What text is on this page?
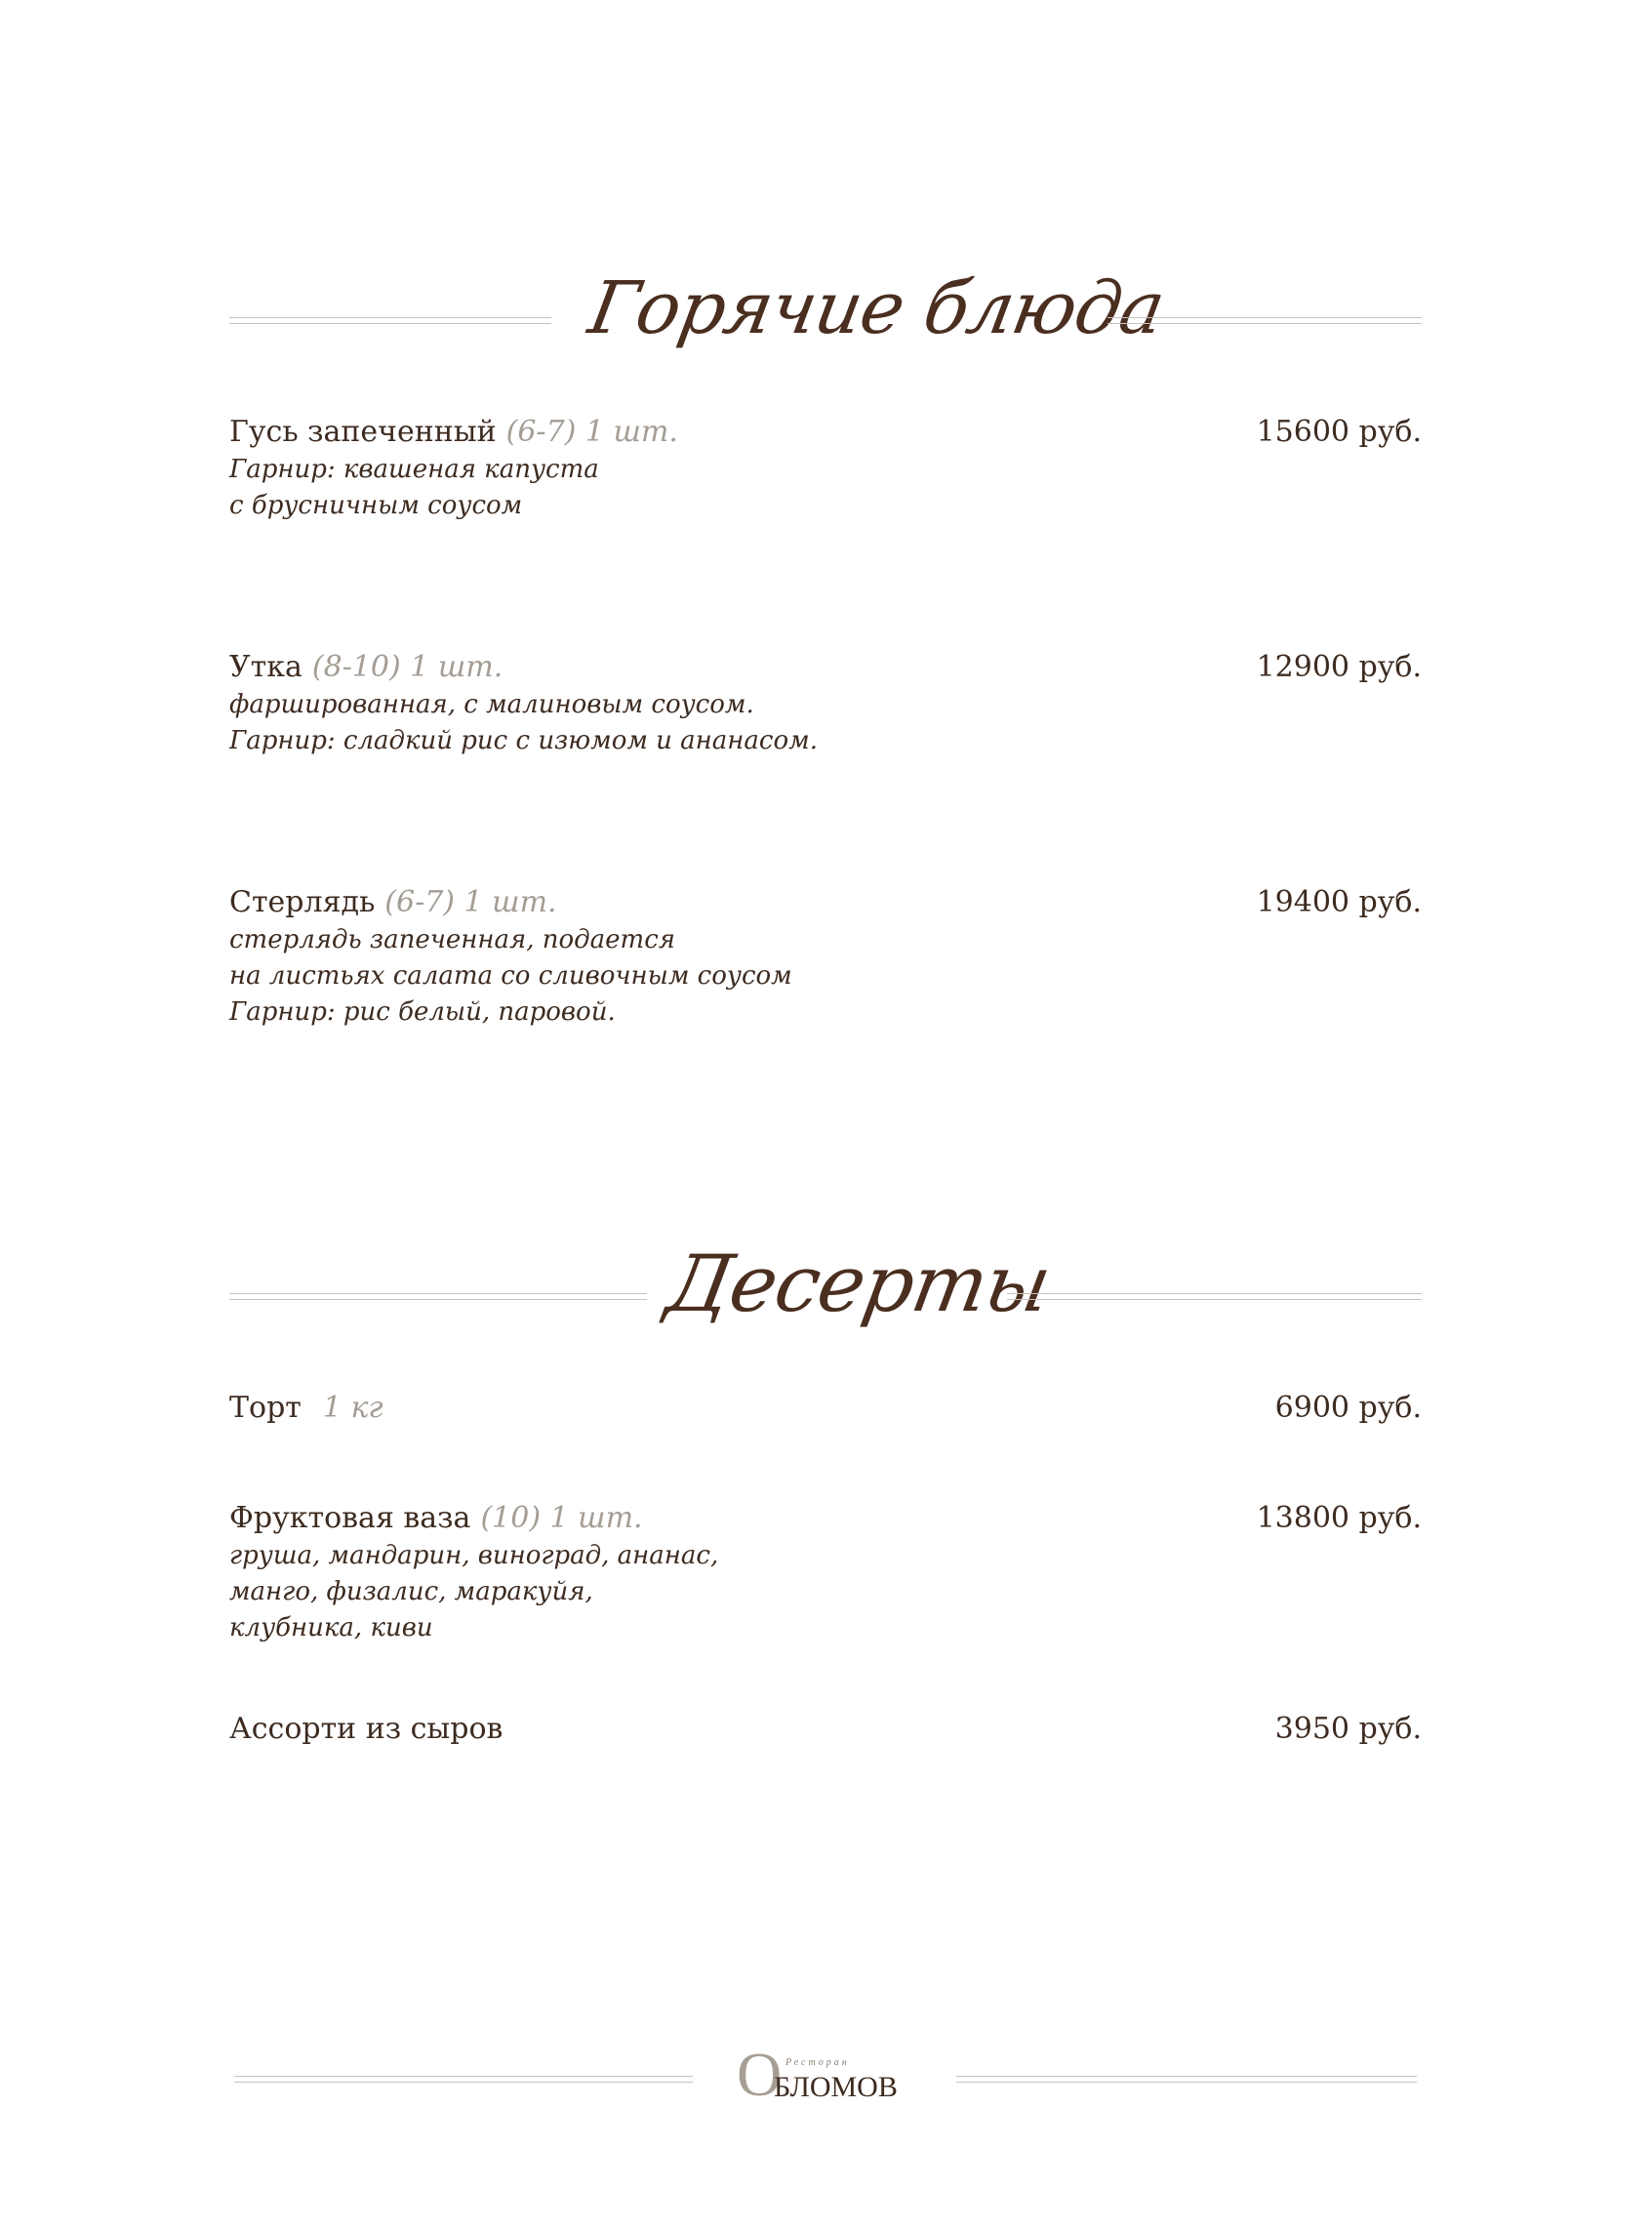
Горячие блюда
Гусь запеченный (6-7) 1 шт.	15600 руб.
Гарнир: квашеная капуста
с брусничным соусом
Утка (8-10) 1 шт.	12900 руб.
фаршированная, с малиновым соусом.
Гарнир: сладкий рис с изюмом и ананасом.
Стерлядь (6-7) 1 шт.	19400 руб.
стерлядь запеченная, подается
на листьях салата со сливочным соусом
Гарнир: рис белый, паровой.
Десерты
Торт 1 кг	6900 руб.
Фруктовая ваза (10) 1 шт.	13800 руб.
груша, мандарин, виноград, ананас,
манго, физалис, маракуйя,
клубника, киви
Ассорти из сыров	3950 руб.
О Ресторан
БЛОМОВ
